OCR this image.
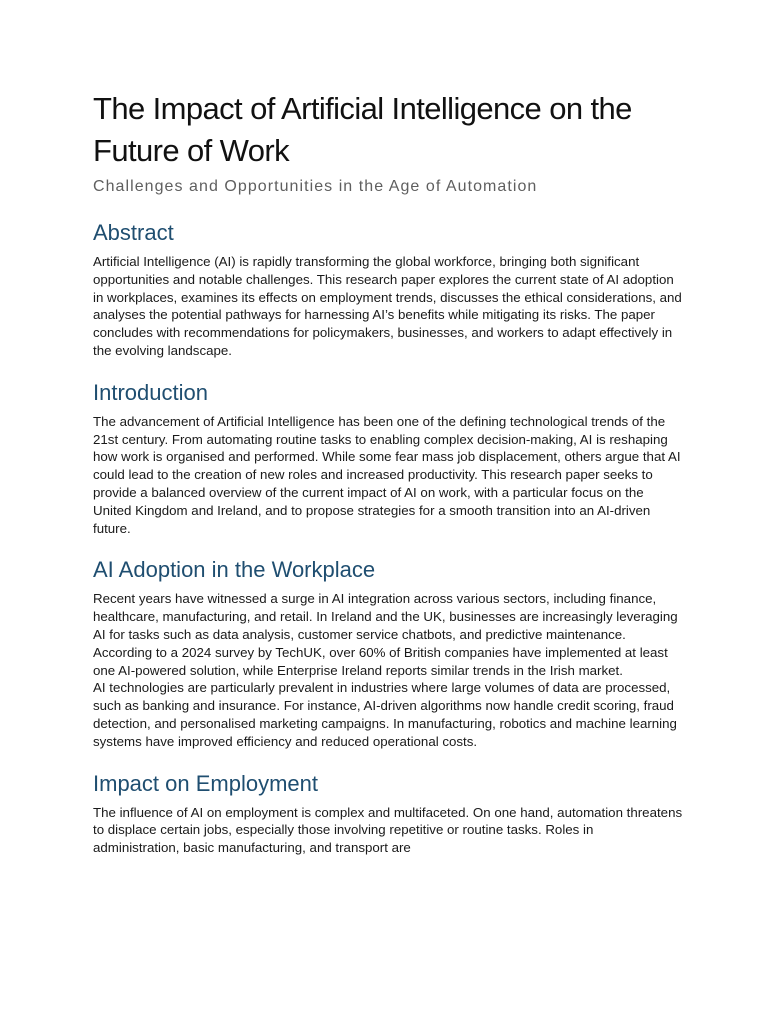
The Impact of Artificial Intelligence on the Future of Work
Challenges and Opportunities in the Age of Automation
Abstract

Artificial Intelligence (AI) is rapidly transforming the global workforce, bringing both significant opportunities and notable challenges. This research paper explores the current state of AI adoption in workplaces, examines its effects on employment trends, discusses the ethical considerations, and analyses the potential pathways for harnessing AI’s benefits while mitigating its risks. The paper concludes with recommendations for policymakers, businesses, and workers to adapt effectively in the evolving landscape.

Introduction

The advancement of Artificial Intelligence has been one of the defining technological trends of the 21st century. From automating routine tasks to enabling complex decision-making, AI is reshaping how work is organised and performed. While some fear mass job displacement, others argue that AI could lead to the creation of new roles and increased productivity. This research paper seeks to provide a balanced overview of the current impact of AI on work, with a particular focus on the United Kingdom and Ireland, and to propose strategies for a smooth transition into an AI-driven future.

AI Adoption in the Workplace

Recent years have witnessed a surge in AI integration across various sectors, including finance, healthcare, manufacturing, and retail. In Ireland and the UK, businesses are increasingly leveraging AI for tasks such as data analysis, customer service chatbots, and predictive maintenance. According to a 2024 survey by TechUK, over 60% of British companies have implemented at least one AI-powered solution, while Enterprise Ireland reports similar trends in the Irish market.

AI technologies are particularly prevalent in industries where large volumes of data are processed, such as banking and insurance. For instance, AI-driven algorithms now handle credit scoring, fraud detection, and personalised marketing campaigns. In manufacturing, robotics and machine learning systems have improved efficiency and reduced operational costs.

Impact on Employment

The influence of AI on employment is complex and multifaceted. On one hand, automation threatens to displace certain jobs, especially those involving repetitive or routine tasks. Roles in administration, basic manufacturing, and transport are
